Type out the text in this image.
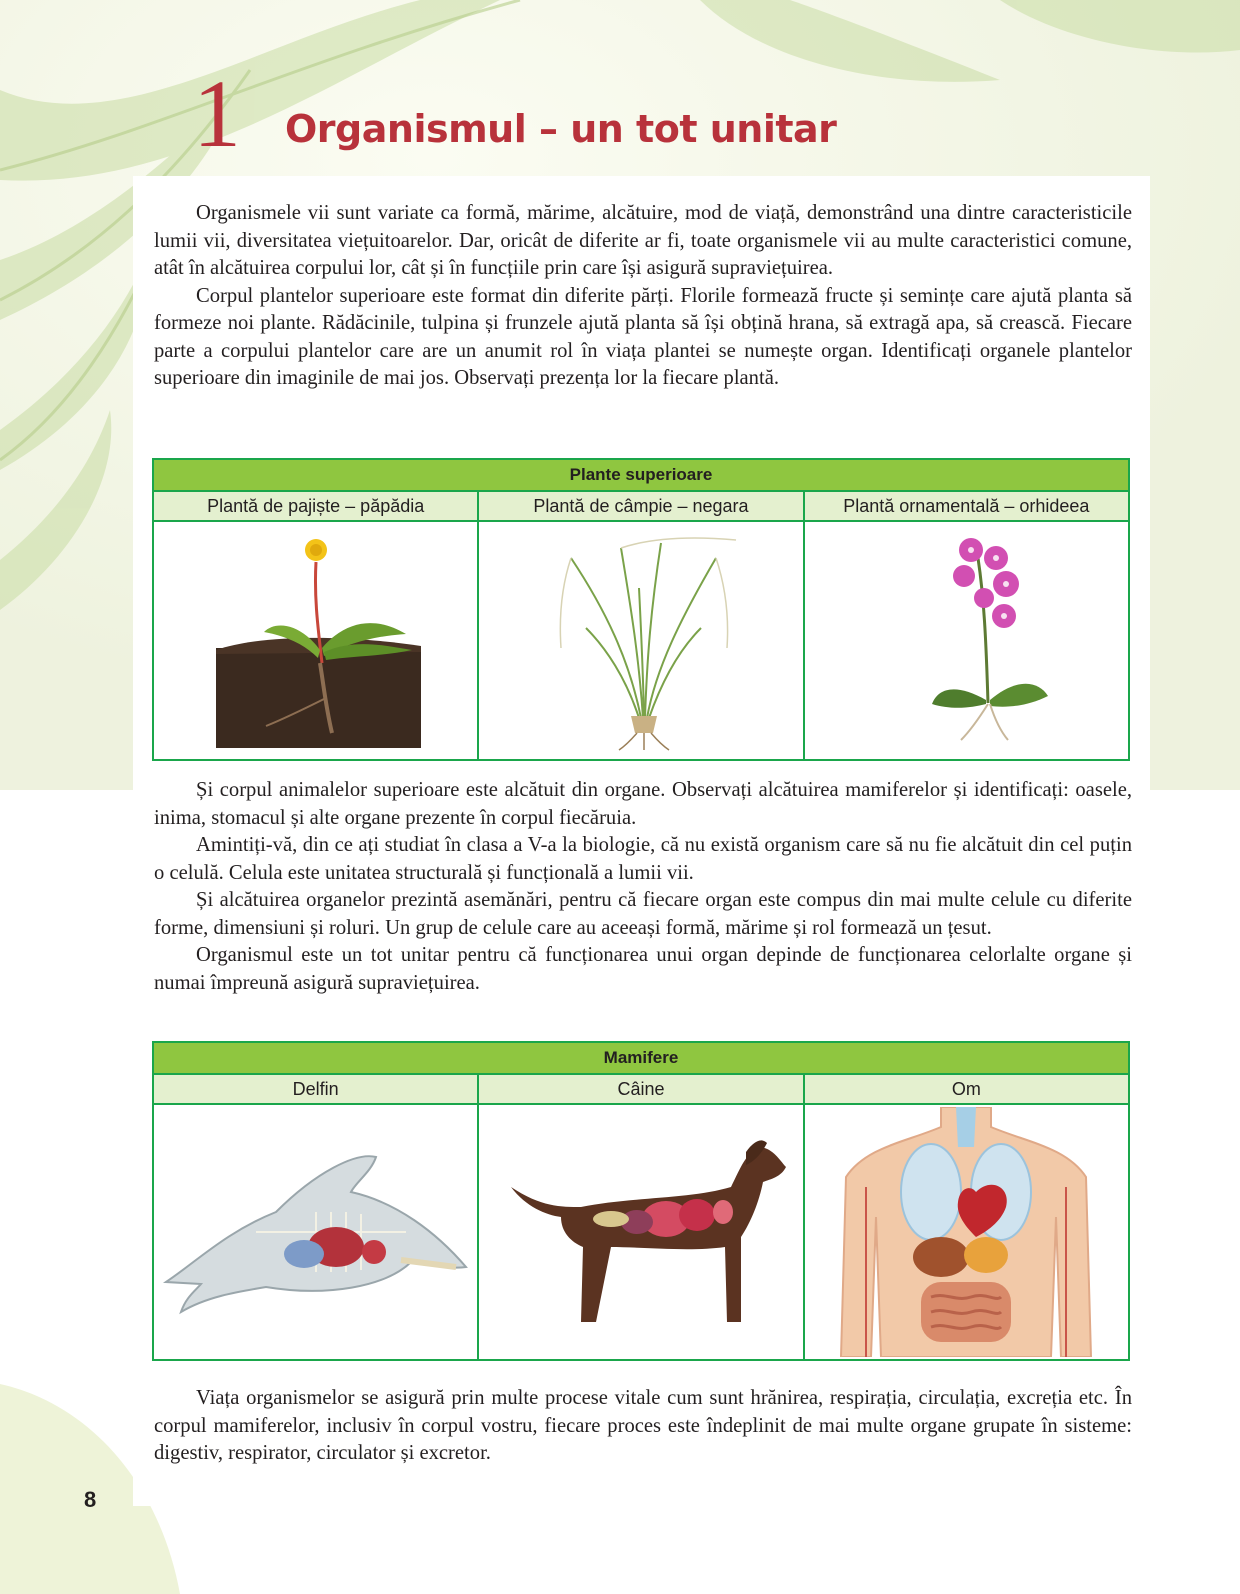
1 Organismul – un tot unitar

Organismele vii sunt variate ca formă, mărime, alcătuire, mod de viață, demonstrând una dintre caracteristicile lumii vii, diversitatea viețuitoarelor. Dar, oricât de diferite ar fi, toate organismele vii au multe caracteristici comune, atât în alcătuirea corpului lor, cât și în funcțiile prin care își asigură supraviețuirea.

Corpul plantelor superioare este format din diferite părți. Florile formează fructe și semințe care ajută planta să formeze noi plante. Rădăcinile, tulpina și frunzele ajută planta să își obțină hrana, să extragă apa, să crească. Fiecare parte a corpului plantelor care are un anumit rol în viața plantei se numește organ. Identificați organele plantelor superioare din imaginile de mai jos. Observați prezența lor la fiecare plantă.

Plante superioare		
Plantă de pajiște – păpădia	Plantă de câmpie – negara	Plantă ornamentală – orhideea

Și corpul animalelor superioare este alcătuit din organe. Observați alcătuirea mamiferelor și identificați: oasele, inima, stomacul și alte organe prezente în corpul fiecăruia.

Amintiți-vă, din ce ați studiat în clasa a V-a la biologie, că nu există organism care să nu fie alcătuit din cel puțin o celulă. Celula este unitatea structurală și funcțională a lumii vii.

Și alcătuirea organelor prezintă asemănări, pentru că fiecare organ este compus din mai multe celule cu diferite forme, dimensiuni și roluri. Un grup de celule care au aceeași formă, mărime și rol formează un țesut.

Organismul este un tot unitar pentru că funcționarea unui organ depinde de funcționarea celorlalte organe și numai împreună asigură supraviețuirea.

Mamifere		
Delfin	Câine	Om

Viața organismelor se asigură prin multe procese vitale cum sunt hrănirea, respirația, circulația, excreția etc. În corpul mamiferelor, inclusiv în corpul vostru, fiecare proces este îndeplinit de mai multe organe grupate în sisteme: digestiv, respirator, circulator și excretor.

8
